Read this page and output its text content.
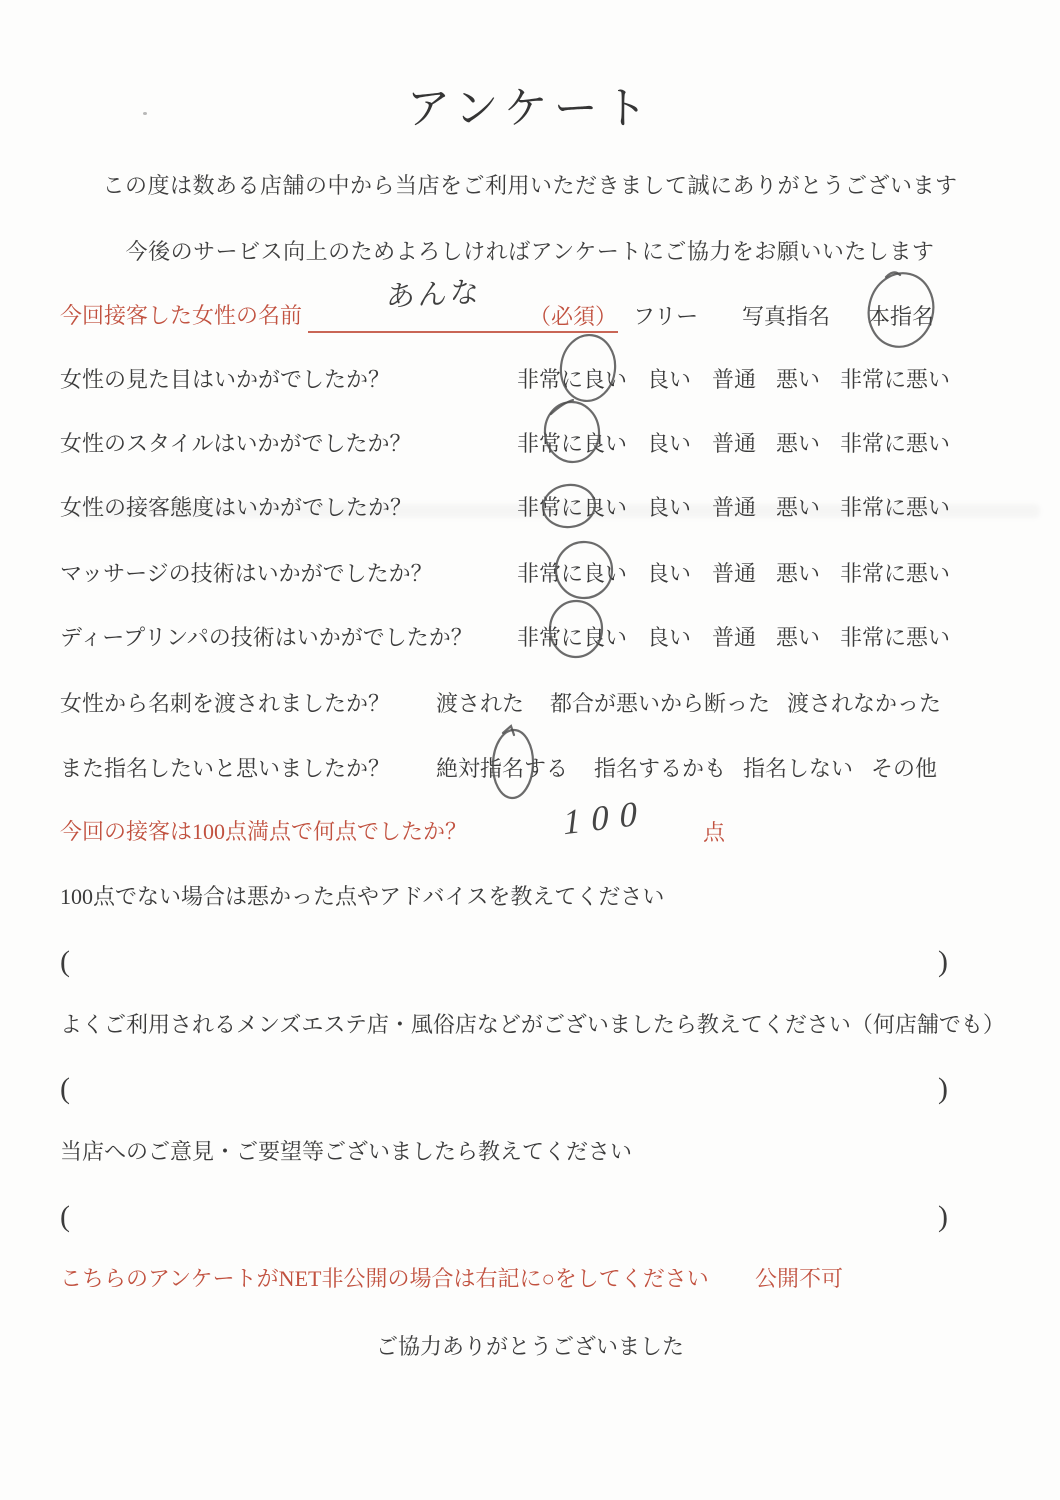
アンケート

この度は数ある店舗の中から当店をご利用いただきまして誠にありがとうございます

今後のサービス向上のためよろしければアンケートにご協力をお願いいたします

今回接客した女性の名前
あんな
（必須） フリー 写真指名 本指名
女性の見た目はいかがでしたか？	非常に良い 良い 普通 悪い 非常に悪い
女性のスタイルはいかがでしたか？	非常に良い 良い 普通 悪い 非常に悪い
女性の接客態度はいかがでしたか？	非常に良い 良い 普通 悪い 非常に悪い
マッサージの技術はいかがでしたか？	非常に良い 良い 普通 悪い 非常に悪い
ディープリンパの技術はいかがでしたか？ 非常に良い 良い 普通 悪い 非常に悪い
女性から名刺を渡されましたか？ 渡された 都合が悪いから断った 渡されなかった
また指名したいと思いましたか？ 絶対指名する 指名するかも 指名しない その他
今回の接客は100点満点で何点でしたか？	100 点
100点でない場合は悪かった点やアドバイスを教えてください
(	)
よくご利用されるメンズエステ店・風俗店などがございましたら教えてください（何店舗でも）
(	)
当店へのご意見・ご要望等ございましたら教えてください
(	)
こちらのアンケートがNET非公開の場合は右記に○をしてください 公開不可

ご協力ありがとうございました
